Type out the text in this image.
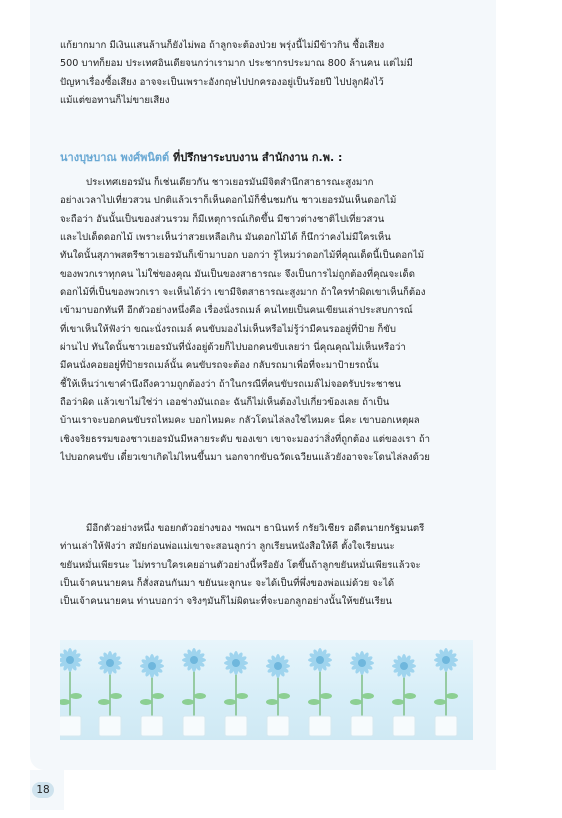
แก้ยากมาก มีเงินแสนล้านก็ยังไม่พอ ถ้าลูกจะต้องป่วย พรุ่งนี้ไม่มีข้าวกิน ซื้อเสียง
500 บาทก็ยอม ประเทศอินเดียจนกว่าเรามาก ประชากรประมาณ 800 ล้านคน แต่ไม่มี
ปัญหาเรื่องซื้อเสียง อาจจะเป็นเพราะอังกฤษไปปกครองอยู่เป็นร้อยปี ไปปลูกฝังไว้
แม้แต่ขอทานก็ไม่ขายเสียง
นางบุษบาณ พงศ์พนิตต์ ที่ปรึกษาระบบงาน สำนักงาน ก.พ. :
ประเทศเยอรมัน ก็เช่นเดียวกัน ชาวเยอรมันมีจิตสำนึกสาธารณะสูงมาก
อย่างเวลาไปเที่ยวสวน ปกติแล้วเราก็เห็นดอกไม้ก็ชื่นชมกัน ชาวเยอรมันเห็นดอกไม้
จะถือว่า อันนั้นเป็นของส่วนรวม ก็มีเหตุการณ์เกิดขึ้น มีชาวต่างชาติไปเที่ยวสวน
และไปเด็ดดอกไม้ เพราะเห็นว่าสวยเหลือเกิน มันดอกไม้ได้ ก็นึกว่าคงไม่มีใครเห็น
ทันใดนั้นสุภาพสตรีชาวเยอรมันก็เข้ามาบอก บอกว่า รู้ไหมว่าดอกไม้ที่คุณเด็ดนี้เป็นดอกไม้
ของพวกเราทุกคน ไม่ใช่ของคุณ มันเป็นของสาธารณะ จึงเป็นการไม่ถูกต้องที่คุณจะเด็ด
ดอกไม้ที่เป็นของพวกเรา จะเห็นได้ว่า เขามีจิตสาธารณะสูงมาก ถ้าใครทำผิดเขาเห็นก็ต้อง
เข้ามาบอกทันที อีกตัวอย่างหนึ่งคือ เรื่องนั่งรถเมล์ คนไทยเป็นคนเขียนเล่าประสบการณ์
ที่เขาเห็นให้ฟังว่า ขณะนั่งรถเมล์ คนขับมองไม่เห็นหรือไม่รู้ว่ามีคนรออยู่ที่ป้าย ก็ขับ
ผ่านไป ทันใดนั้นชาวเยอรมันที่นั่งอยู่ด้วยก็ไปบอกคนขับเลยว่า นี่คุณคุณไม่เห็นหรือว่า
มีคนนั่งคอยอยู่ที่ป้ายรถเมล์นั้น คนขับรถจะต้อง กลับรถมาเพื่อที่จะมาป้ายรถนั้น
ชี้ให้เห็นว่าเขาคำนึงถึงความถูกต้องว่า ถ้าในกรณีที่คนขับรถเมล์ไม่จอดรับประชาชน
ถือว่าผิด แล้วเขาไม่ใช่ว่า เออช่างมันเถอะ ฉันก็ไม่เห็นต้องไปเกี่ยวข้องเลย ถ้าเป็น
บ้านเราจะบอกคนขับรถไหมคะ บอกไหมคะ กลัวโดนไล่ลงใช่ไหมคะ นี่คะ เขาบอกเหตุผล
เชิงจริยธรรมของชาวเยอรมันมีหลายระดับ ของเขา เขาจะมองว่าสิ่งที่ถูกต้อง แต่ของเรา ถ้า
ไปบอกคนขับ เดี๋ยวเขาเกิดไม่ไหนขึ้นมา นอกจากขับฉวัดเฉวียนแล้วยังอาจจะโดนไล่ลงด้วย
มีอีกตัวอย่างหนึ่ง ขอยกตัวอย่างของ ฯพณฯ ธานินทร์ กรัยวิเชียร อดีตนายกรัฐมนตรี
ท่านเล่าให้ฟังว่า สมัยก่อนพ่อแม่เขาจะสอนลูกว่า ลูกเรียนหนังสือให้ดี ตั้งใจเรียนนะ
ขยันหมั่นเพียรนะ ไม่ทราบใครเคยอ่านตัวอย่างนี้หรือยัง โตขึ้นถ้าลูกขยันหมั่นเพียรแล้วจะ
เป็นเจ้าคนนายคน ก็สั่งสอนกันมา ขยันนะลูกนะ จะได้เป็นที่พึ่งของพ่อแม่ด้วย จะได้
เป็นเจ้าคนนายคน ท่านบอกว่า จริงๆมันก็ไม่ผิดนะที่จะบอกลูกอย่างนั้นให้ขยันเรียน
18
